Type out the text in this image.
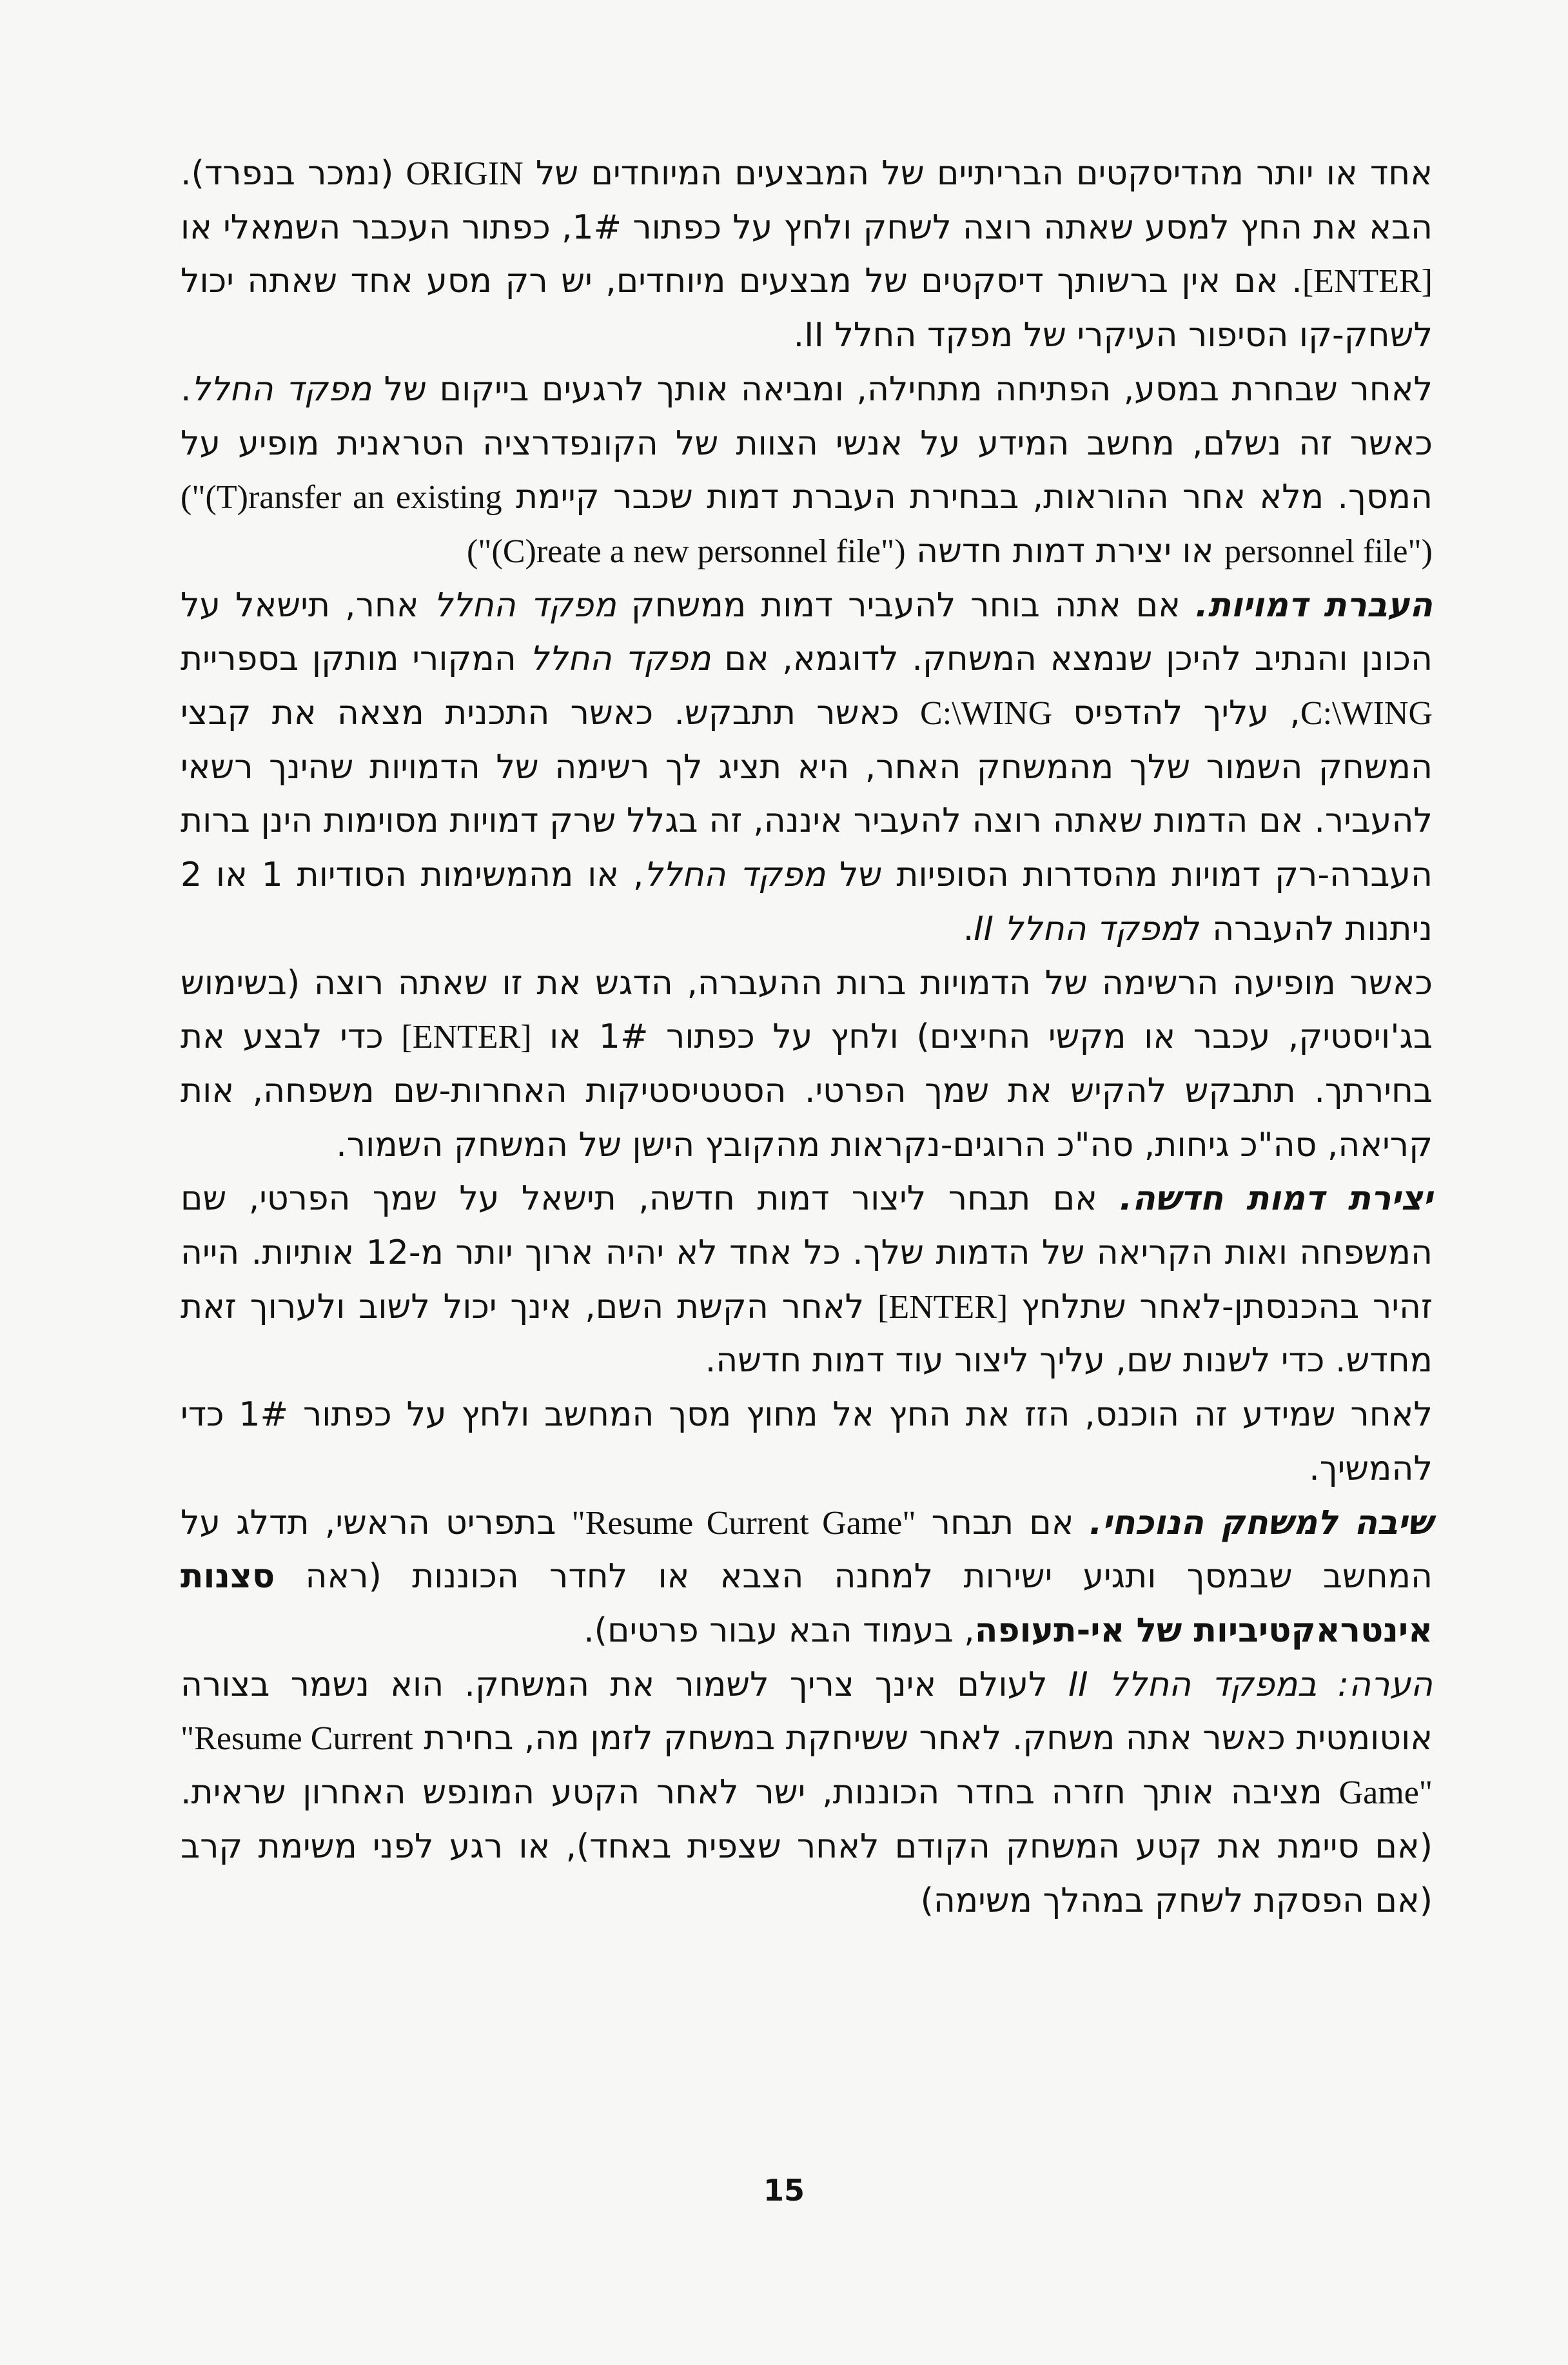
אחד או יותר מהדיסקטים הבריתיים של המבצעים המיוחדים של ORIGIN (נמכר בנפרד). הבא את החץ למסע שאתה רוצה לשחק ולחץ על כפתור 1#, כפתור העכבר השמאלי או [ENTER]. אם אין ברשותך דיסקטים של מבצעים מיוחדים, יש רק מסע אחד שאתה יכול לשחק-קו הסיפור העיקרי של מפקד החלל II.

לאחר שבחרת במסע, הפתיחה מתחילה, ומביאה אותך לרגעים בייקום של מפקד החלל. כאשר זה נשלם, מחשב המידע על אנשי הצוות של הקונפדרציה הטראנית מופיע על המסך. מלא אחר ההוראות, בבחירת העברת דמות שכבר קיימת ("(T)ransfer an existing personnel file") או יצירת דמות חדשה ("(C)reate a new personnel file")

העברת דמויות. אם אתה בוחר להעביר דמות ממשחק מפקד החלל אחר, תישאל על הכונן והנתיב להיכן שנמצא המשחק. לדוגמא, אם מפקד החלל המקורי מותקן בספריית C:\WING, עליך להדפיס C:\WING כאשר תתבקש. כאשר התכנית מצאה את קבצי המשחק השמור שלך מהמשחק האחר, היא תציג לך רשימה של הדמויות שהינך רשאי להעביר. אם הדמות שאתה רוצה להעביר איננה, זה בגלל שרק דמויות מסוימות הינן ברות העברה-רק דמויות מהסדרות הסופיות של מפקד החלל, או מהמשימות הסודיות 1 או 2 ניתנות להעברה למפקד החלל II.

כאשר מופיעה הרשימה של הדמויות ברות ההעברה, הדגש את זו שאתה רוצה (בשימוש בג'ויסטיק, עכבר או מקשי החיצים) ולחץ על כפתור 1# או [ENTER] כדי לבצע את בחירתך. תתבקש להקיש את שמך הפרטי. הסטטיסטיקות האחרות-שם משפחה, אות קריאה, סה"כ גיחות, סה"כ הרוגים-נקראות מהקובץ הישן של המשחק השמור.

יצירת דמות חדשה. אם תבחר ליצור דמות חדשה, תישאל על שמך הפרטי, שם המשפחה ואות הקריאה של הדמות שלך. כל אחד לא יהיה ארוך יותר מ-12 אותיות. הייה זהיר בהכנסתן-לאחר שתלחץ [ENTER] לאחר הקשת השם, אינך יכול לשוב ולערוך זאת מחדש. כדי לשנות שם, עליך ליצור עוד דמות חדשה.

לאחר שמידע זה הוכנס, הזז את החץ אל מחוץ מסך המחשב ולחץ על כפתור 1# כדי להמשיך.

שיבה למשחק הנוכחי. אם תבחר "Resume Current Game" בתפריט הראשי, תדלג על המחשב שבמסך ותגיע ישירות למחנה הצבא או לחדר הכוננות (ראה סצנות אינטראקטיביות של אי-תעופה, בעמוד הבא עבור פרטים).

הערה: במפקד החלל II לעולם אינך צריך לשמור את המשחק. הוא נשמר בצורה אוטומטית כאשר אתה משחק. לאחר ששיחקת במשחק לזמן מה, בחירת "Resume Current Game" מציבה אותך חזרה בחדר הכוננות, ישר לאחר הקטע המונפש האחרון שראית. (אם סיימת את קטע המשחק הקודם לאחר שצפית באחד), או רגע לפני משימת קרב (אם הפסקת לשחק במהלך משימה)

15
